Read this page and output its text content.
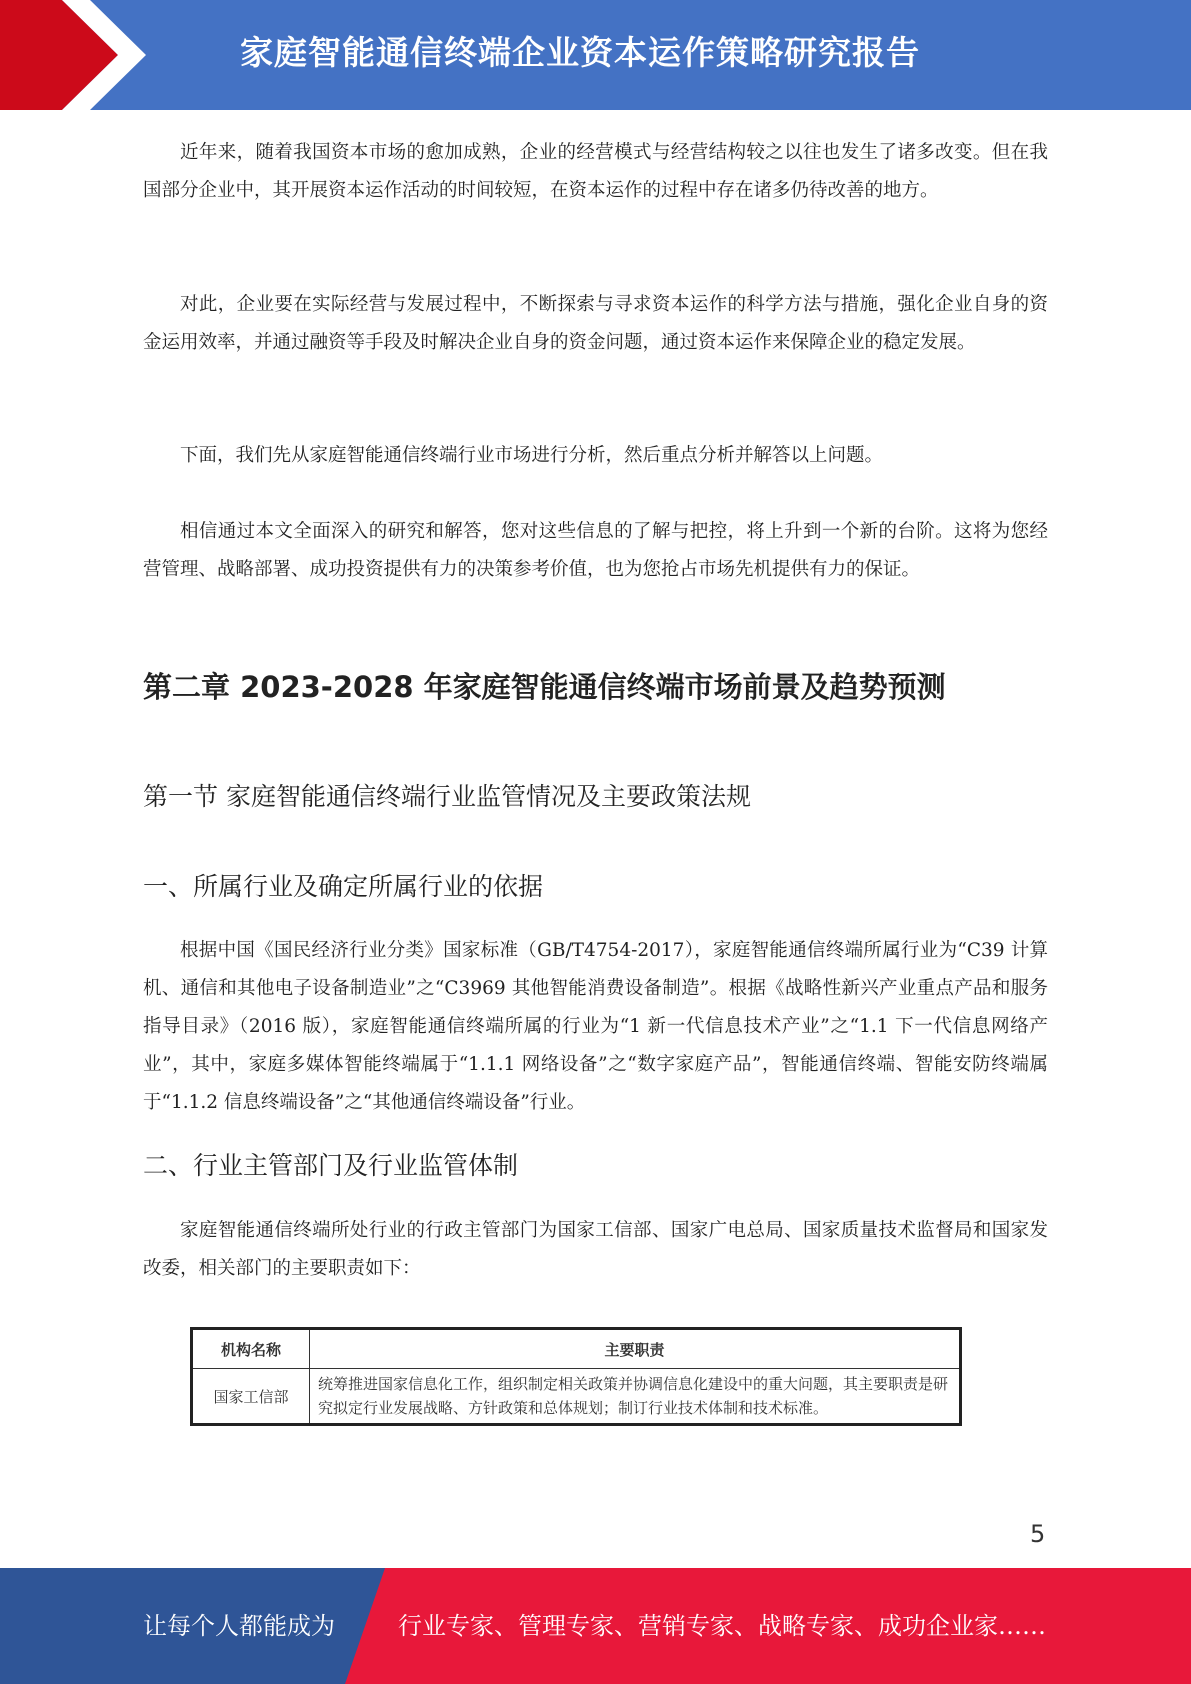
家庭智能通信终端企业资本运作策略研究报告

近年来，随着我国资本市场的愈加成熟，企业的经营模式与经营结构较之以往也发生了诸多改变。但在我国部分企业中，其开展资本运作活动的时间较短，在资本运作的过程中存在诸多仍待改善的地方。

对此，企业要在实际经营与发展过程中，不断探索与寻求资本运作的科学方法与措施，强化企业自身的资金运用效率，并通过融资等手段及时解决企业自身的资金问题，通过资本运作来保障企业的稳定发展。

下面，我们先从家庭智能通信终端行业市场进行分析，然后重点分析并解答以上问题。

相信通过本文全面深入的研究和解答，您对这些信息的了解与把控，将上升到一个新的台阶。这将为您经营管理、战略部署、成功投资提供有力的决策参考价值，也为您抢占市场先机提供有力的保证。

第二章 2023-2028 年家庭智能通信终端市场前景及趋势预测
第一节 家庭智能通信终端行业监管情况及主要政策法规
一、所属行业及确定所属行业的依据

根据中国《国民经济行业分类》国家标准（GB/T4754-2017），家庭智能通信终端所属行业为“C39 计算机、通信和其他电子设备制造业”之“C3969 其他智能消费设备制造”。根据《战略性新兴产业重点产品和服务指导目录》（2016 版），家庭智能通信终端所属的行业为“1 新一代信息技术产业”之“1.1 下一代信息网络产业”，其中，家庭多媒体智能终端属于“1.1.1 网络设备”之“数字家庭产品”，智能通信终端、智能安防终端属于“1.1.2 信息终端设备”之“其他通信终端设备”行业。

二、行业主管部门及行业监管体制

家庭智能通信终端所处行业的行政主管部门为国家工信部、国家广电总局、国家质量技术监督局和国家发改委，相关部门的主要职责如下：

机构名称	主要职责
国家工信部	统筹推进国家信息化工作，组织制定相关政策并协调信息化建设中的重大问题，其主要职责是研究拟定行业发展战略、方针政策和总体规划；制订行业技术体制和技术标准。
5
让每个人都能成为	行业专家、管理专家、营销专家、战略专家、成功企业家……
